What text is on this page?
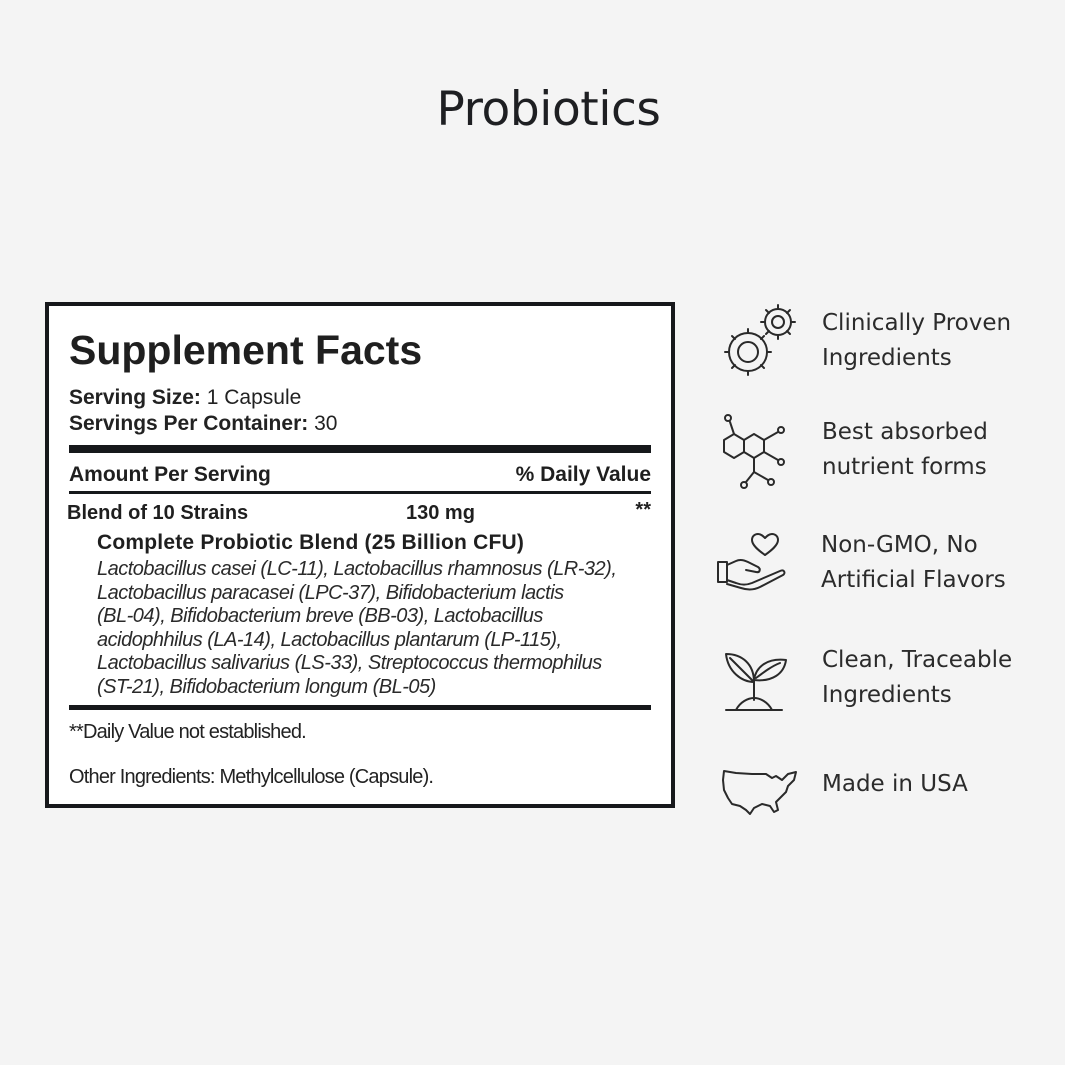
Probiotics
Supplement Facts
Serving Size: 1 Capsule
Servings Per Container: 30
Amount Per Serving	% Daily Value
Blend of 10 Strains	130 mg	**
Complete Probiotic Blend (25 Billion CFU)
Lactobacillus casei (LC-11), Lactobacillus rhamnosus (LR-32),
Lactobacillus paracasei (LPC-37), Bifidobacterium lactis
(BL-04), Bifidobacterium breve (BB-03), Lactobacillus
acidophhilus (LA-14), Lactobacillus plantarum (LP-115),
Lactobacillus salivarius (LS-33), Streptococcus thermophilus
(ST-21), Bifidobacterium longum (BL-05)
**Daily Value not established.
Other Ingredients: Methylcellulose (Capsule).
Clinically Proven
Ingredients
Best absorbed
nutrient forms
Non-GMO, No
Artificial Flavors
Clean, Traceable
Ingredients
Made in USA
